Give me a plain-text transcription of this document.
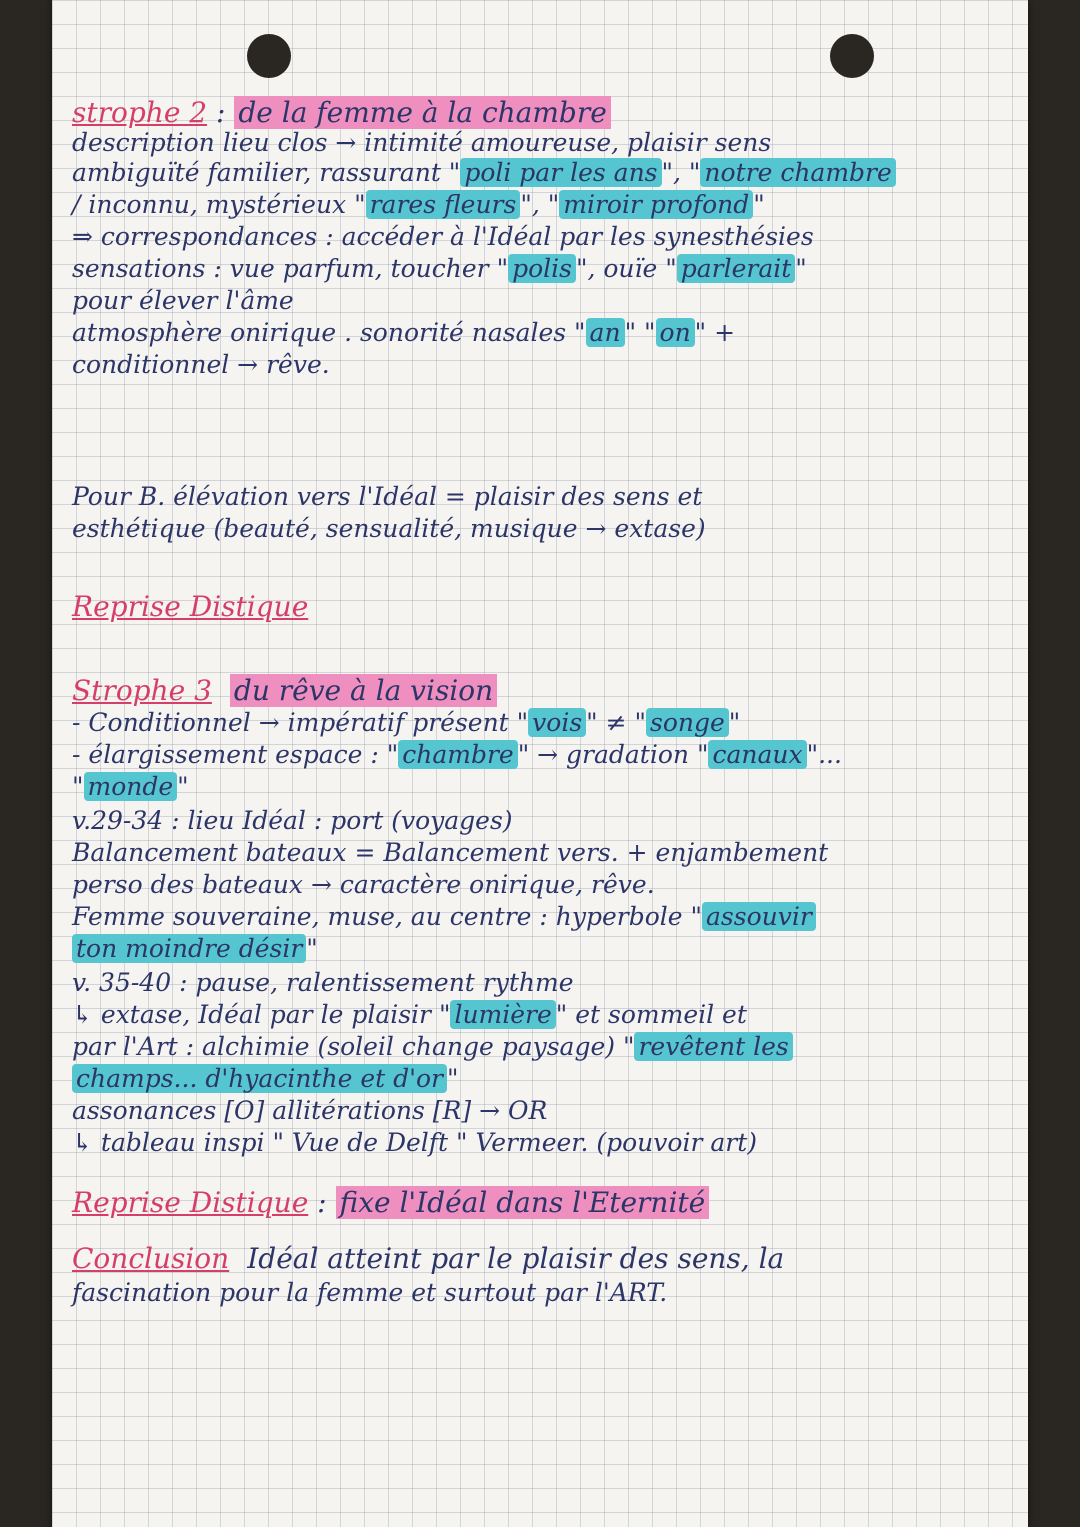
strophe 2 : de la femme à la chambre
description lieu clos → intimité amoureuse, plaisir sens
ambiguïté familier, rassurant " poli par les ans ", " notre chambre
/ inconnu, mystérieux " rares fleurs ", " miroir profond "
⇒ correspondances : accéder à l'Idéal par les synesthésies
sensations : vue parfum, toucher " polis ", ouïe " parlerait "
pour élever l'âme
atmosphère onirique . sonorité nasales " an " " on " +
conditionnel → rêve.
Pour B. élévation vers l'Idéal = plaisir des sens et
esthétique (beauté, sensualité, musique → extase)
Reprise Distique
Strophe 3 du rêve à la vision
- Conditionnel → impératif présent " vois " ≠ " songe "
- élargissement espace : " chambre " → gradation " canaux "...
" monde "
v.29-34 : lieu Idéal : port (voyages)
Balancement bateaux = Balancement vers. + enjambement
perso des bateaux → caractère onirique, rêve.
Femme souveraine, muse, au centre : hyperbole " assouvir
ton moindre désir "
v. 35-40 : pause, ralentissement rythme
↳ extase, Idéal par le plaisir " lumière " et sommeil et
par l'Art : alchimie (soleil change paysage) " revêtent les
champs... d'hyacinthe et d'or "
assonances [O] allitérations [R] → OR
↳ tableau inspi " Vue de Delft " Vermeer. (pouvoir art)
Reprise Distique : fixe l'Idéal dans l'Eternité
Conclusion Idéal atteint par le plaisir des sens, la
fascination pour la femme et surtout par l'ART.
